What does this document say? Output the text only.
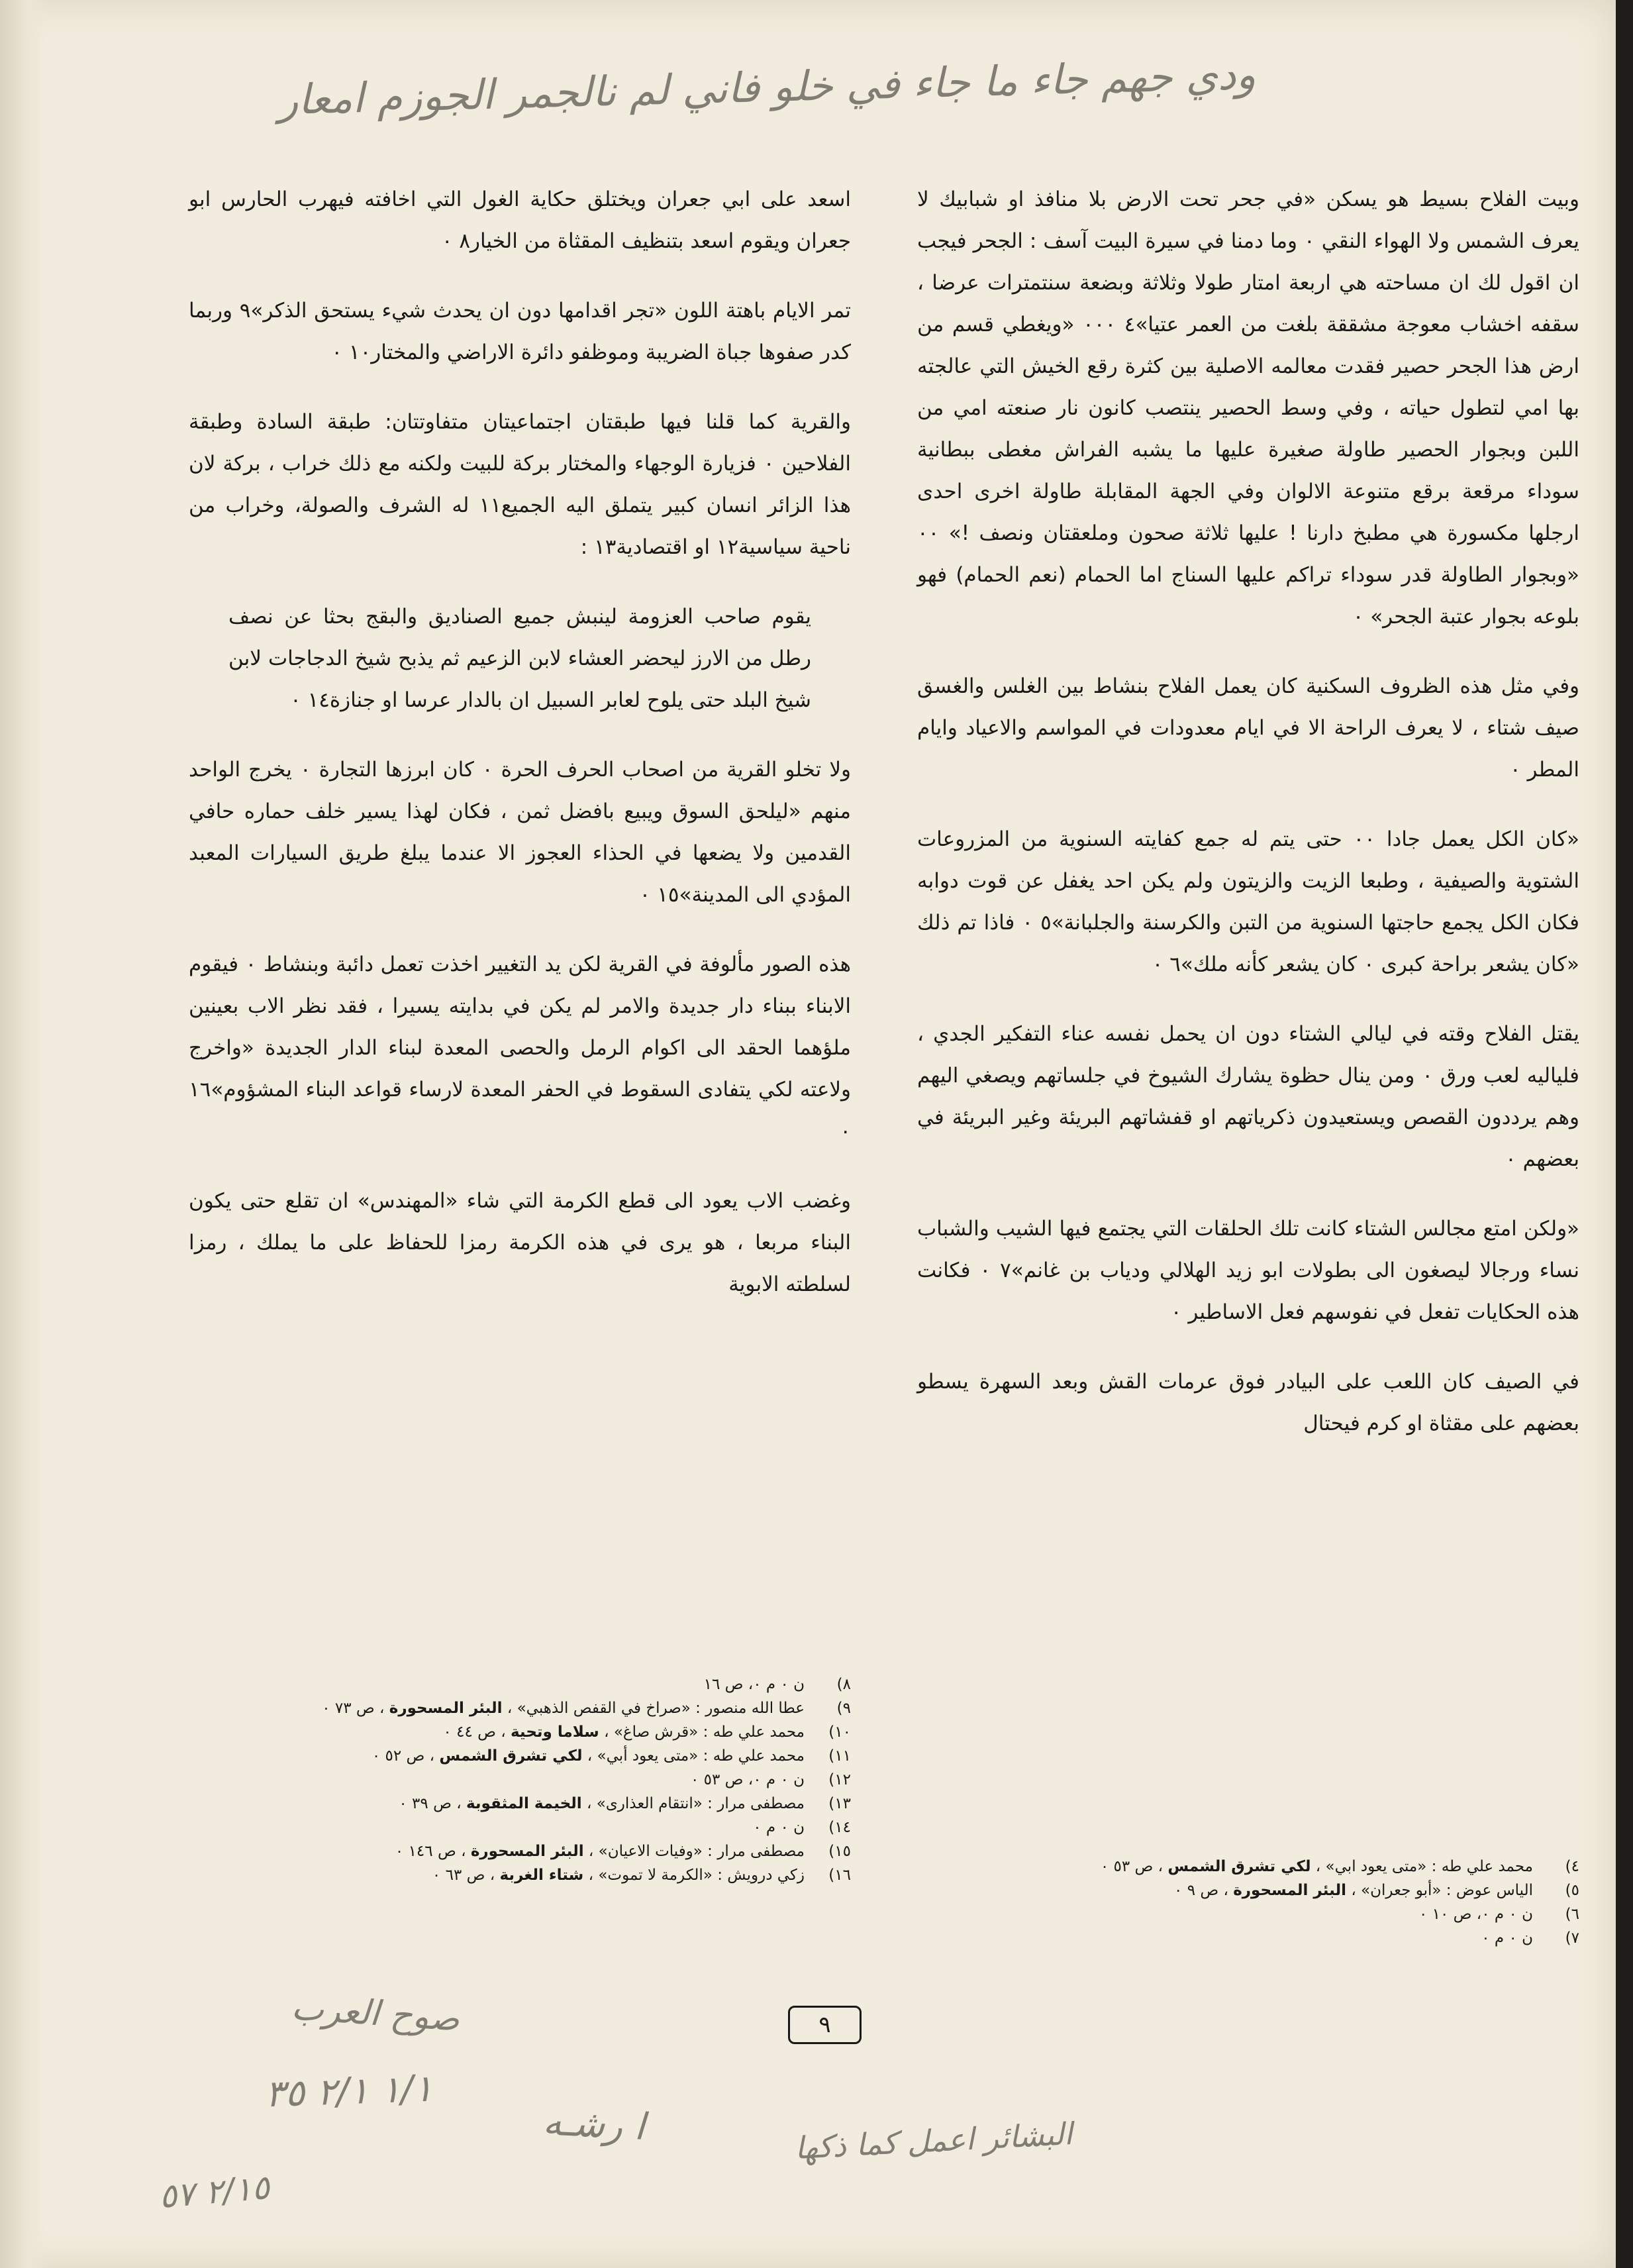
ودي جهم جاء ما جاء في خلو فاني لم نالجمر الجوزم امعار

وبيت الفلاح بسيط هو يسكن «في جحر تحت الارض بلا منافذ او شبابيك لا يعرف الشمس ولا الهواء النقي ٠ وما دمنا في سيرة البيت آسف : الجحر فيجب ان اقول لك ان مساحته هي اربعة امتار طولا وثلاثة وبضعة سنتمترات عرضا ، سقفه اخشاب معوجة مشققة بلغت من العمر عتيا»٤ ٠٠٠ «ويغطي قسم من ارض هذا الجحر حصير فقدت معالمه الاصلية بين كثرة رقع الخيش التي عالجته بها امي لتطول حياته ، وفي وسط الحصير ينتصب كانون نار صنعته امي من اللبن وبجوار الحصير طاولة صغيرة عليها ما يشبه الفراش مغطى ببطانية سوداء مرقعة برقع متنوعة الالوان وفي الجهة المقابلة طاولة اخرى احدى ارجلها مكسورة هي مطبخ دارنا ! عليها ثلاثة صحون وملعقتان ونصف !» ٠٠ «وبجوار الطاولة قدر سوداء تراكم عليها السناج اما الحمام (نعم الحمام) فهو بلوعه بجوار عتبة الجحر» ٠

وفي مثل هذه الظروف السكنية كان يعمل الفلاح بنشاط بين الغلس والغسق صيف شتاء ، لا يعرف الراحة الا في ايام معدودات في المواسم والاعياد وايام المطر ٠

«كان الكل يعمل جادا ٠٠ حتى يتم له جمع كفايته السنوية من المزروعات الشتوية والصيفية ، وطبعا الزيت والزيتون ولم يكن احد يغفل عن قوت دوابه فكان الكل يجمع حاجتها السنوية من التبن والكرسنة والجلبانة»٥ ٠ فاذا تم ذلك «كان يشعر براحة كبرى ٠ كان يشعر كأنه ملك»٦ ٠

يقتل الفلاح وقته في ليالي الشتاء دون ان يحمل نفسه عناء التفكير الجدي ، فلياليه لعب ورق ٠ ومن ينال حظوة يشارك الشيوخ في جلساتهم ويصغي اليهم وهم يرددون القصص ويستعيدون ذكرياتهم او قفشاتهم البريئة وغير البريئة في بعضهم ٠

«ولكن امتع مجالس الشتاء كانت تلك الحلقات التي يجتمع فيها الشيب والشباب نساء ورجالا ليصغون الى بطولات ابو زيد الهلالي ودياب بن غانم»٧ ٠ فكانت هذه الحكايات تفعل في نفوسهم فعل الاساطير ٠

في الصيف كان اللعب على البيادر فوق عرمات القش وبعد السهرة يسطو بعضهم على مقثاة او كرم فيحتال

اسعد على ابي جعران ويختلق حكاية الغول التي اخافته فيهرب الحارس ابو جعران ويقوم اسعد بتنظيف المقثاة من الخيار٨ ٠

تمر الايام باهتة اللون «تجر اقدامها دون ان يحدث شيء يستحق الذكر»٩ وربما كدر صفوها جباة الضريبة وموظفو دائرة الاراضي والمختار١٠ ٠

والقرية كما قلنا فيها طبقتان اجتماعيتان متفاوتتان: طبقة السادة وطبقة الفلاحين ٠ فزيارة الوجهاء والمختار بركة للبيت ولكنه مع ذلك خراب ، بركة لان هذا الزائر انسان كبير يتملق اليه الجميع١١ له الشرف والصولة، وخراب من ناحية سياسية١٢ او اقتصادية١٣ :

يقوم صاحب العزومة لينبش جميع الصناديق والبقج بحثا عن نصف رطل من الارز ليحضر العشاء لابن الزعيم ثم يذبح شيخ الدجاجات لابن شيخ البلد حتى يلوح لعابر السبيل ان بالدار عرسا او جنازة١٤ ٠

ولا تخلو القرية من اصحاب الحرف الحرة ٠ كان ابرزها التجارة ٠ يخرج الواحد منهم «ليلحق السوق ويبيع بافضل ثمن ، فكان لهذا يسير خلف حماره حافي القدمين ولا يضعها في الحذاء العجوز الا عندما يبلغ طريق السيارات المعبد المؤدي الى المدينة»١٥ ٠

هذه الصور مألوفة في القرية لكن يد التغيير اخذت تعمل دائبة وبنشاط ٠ فيقوم الابناء ببناء دار جديدة والامر لم يكن في بدايته يسيرا ، فقد نظر الاب بعينين ملؤهما الحقد الى اكوام الرمل والحصى المعدة لبناء الدار الجديدة «واخرج ولاعته لكي يتفادى السقوط في الحفر المعدة لارساء قواعد البناء المشؤوم»١٦ ٠

وغضب الاب يعود الى قطع الكرمة التي شاء «المهندس» ان تقلع حتى يكون البناء مربعا ، هو يرى في هذه الكرمة رمزا للحفاظ على ما يملك ، رمزا لسلطته الابوية

٤)
محمد علي طه : «متى يعود ابي» ، لكي تشرق الشمس ، ص ٥٣ ٠
٥)
الياس عوض : «أبو جعران» ، البئر المسحورة ، ص ٩ ٠
٦)
ن ٠ م ٠، ص ١٠ ٠
٧)
ن ٠ م ٠
٨)
ن ٠ م ٠، ص ١٦
٩)
عطا الله منصور : «صراخ في القفص الذهبي» ، البئر المسحورة ، ص ٧٣ ٠
١٠)
محمد علي طه : «قرش صاغ» ، سلاما وتحية ، ص ٤٤ ٠
١١)
محمد علي طه : «متى يعود أبي» ، لكي تشرق الشمس ، ص ٥٢ ٠
١٢)
ن ٠ م ٠، ص ٥٣ ٠
١٣)
مصطفى مرار : «انتقام العذارى» ، الخيمة المثقوبة ، ص ٣٩ ٠
١٤)
ن ٠ م ٠
١٥)
مصطفى مرار : «وفيات الاعيان» ، البئر المسحورة ، ص ١٤٦ ٠
١٦)
زكي درويش : «الكرمة لا تموت» ، شتاء الغربة ، ص ٦٣ ٠
٩
صوح العرب
١/١ ٢/١ ٣٥
٢/١٥ ٥٧
ا رشـه	البشائر اعمل كما ذكها
